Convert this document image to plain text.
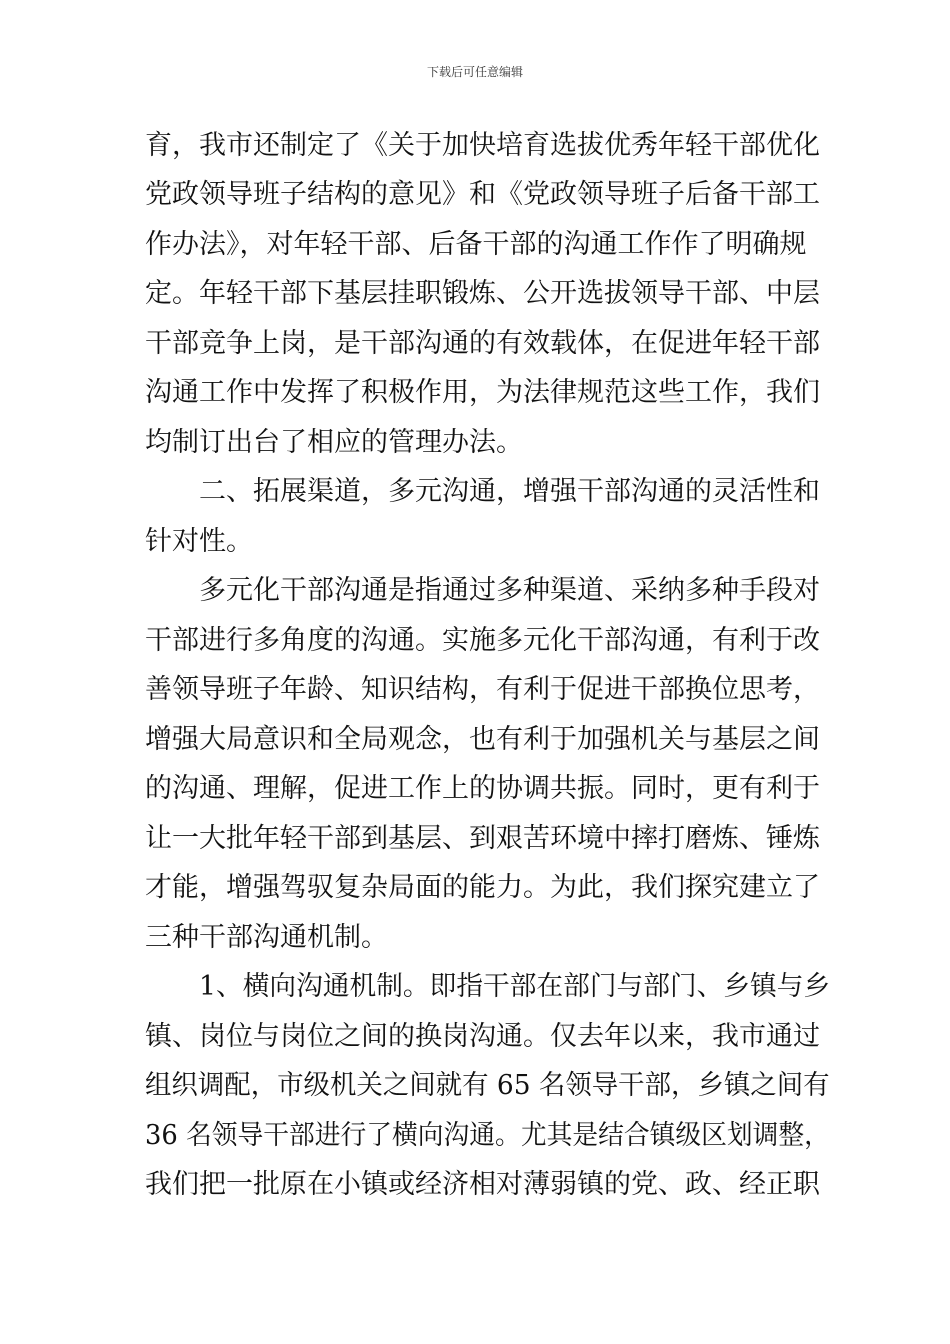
下载后可任意编辑
育，我市还制定了《关于加快培育选拔优秀年轻干部优化
党政领导班子结构的意见》和《党政领导班子后备干部工
作办法》，对年轻干部、后备干部的沟通工作作了明确规
定。年轻干部下基层挂职锻炼、公开选拔领导干部、中层
干部竞争上岗，是干部沟通的有效载体，在促进年轻干部
沟通工作中发挥了积极作用，为法律规范这些工作，我们
均制订出台了相应的管理办法。
二、拓展渠道，多元沟通，增强干部沟通的灵活性和
针对性。
多元化干部沟通是指通过多种渠道、采纳多种手段对
干部进行多角度的沟通。实施多元化干部沟通，有利于改
善领导班子年龄、知识结构，有利于促进干部换位思考，
增强大局意识和全局观念，也有利于加强机关与基层之间
的沟通、理解，促进工作上的协调共振。同时，更有利于
让一大批年轻干部到基层、到艰苦环境中摔打磨炼、锤炼
才能，增强驾驭复杂局面的能力。为此，我们探究建立了
三种干部沟通机制。
1、横向沟通机制。即指干部在部门与部门、乡镇与乡
镇、岗位与岗位之间的换岗沟通。仅去年以来，我市通过
组织调配，市级机关之间就有 65 名领导干部，乡镇之间有
36 名领导干部进行了横向沟通。尤其是结合镇级区划调整，
我们把一批原在小镇或经济相对薄弱镇的党、政、经正职
